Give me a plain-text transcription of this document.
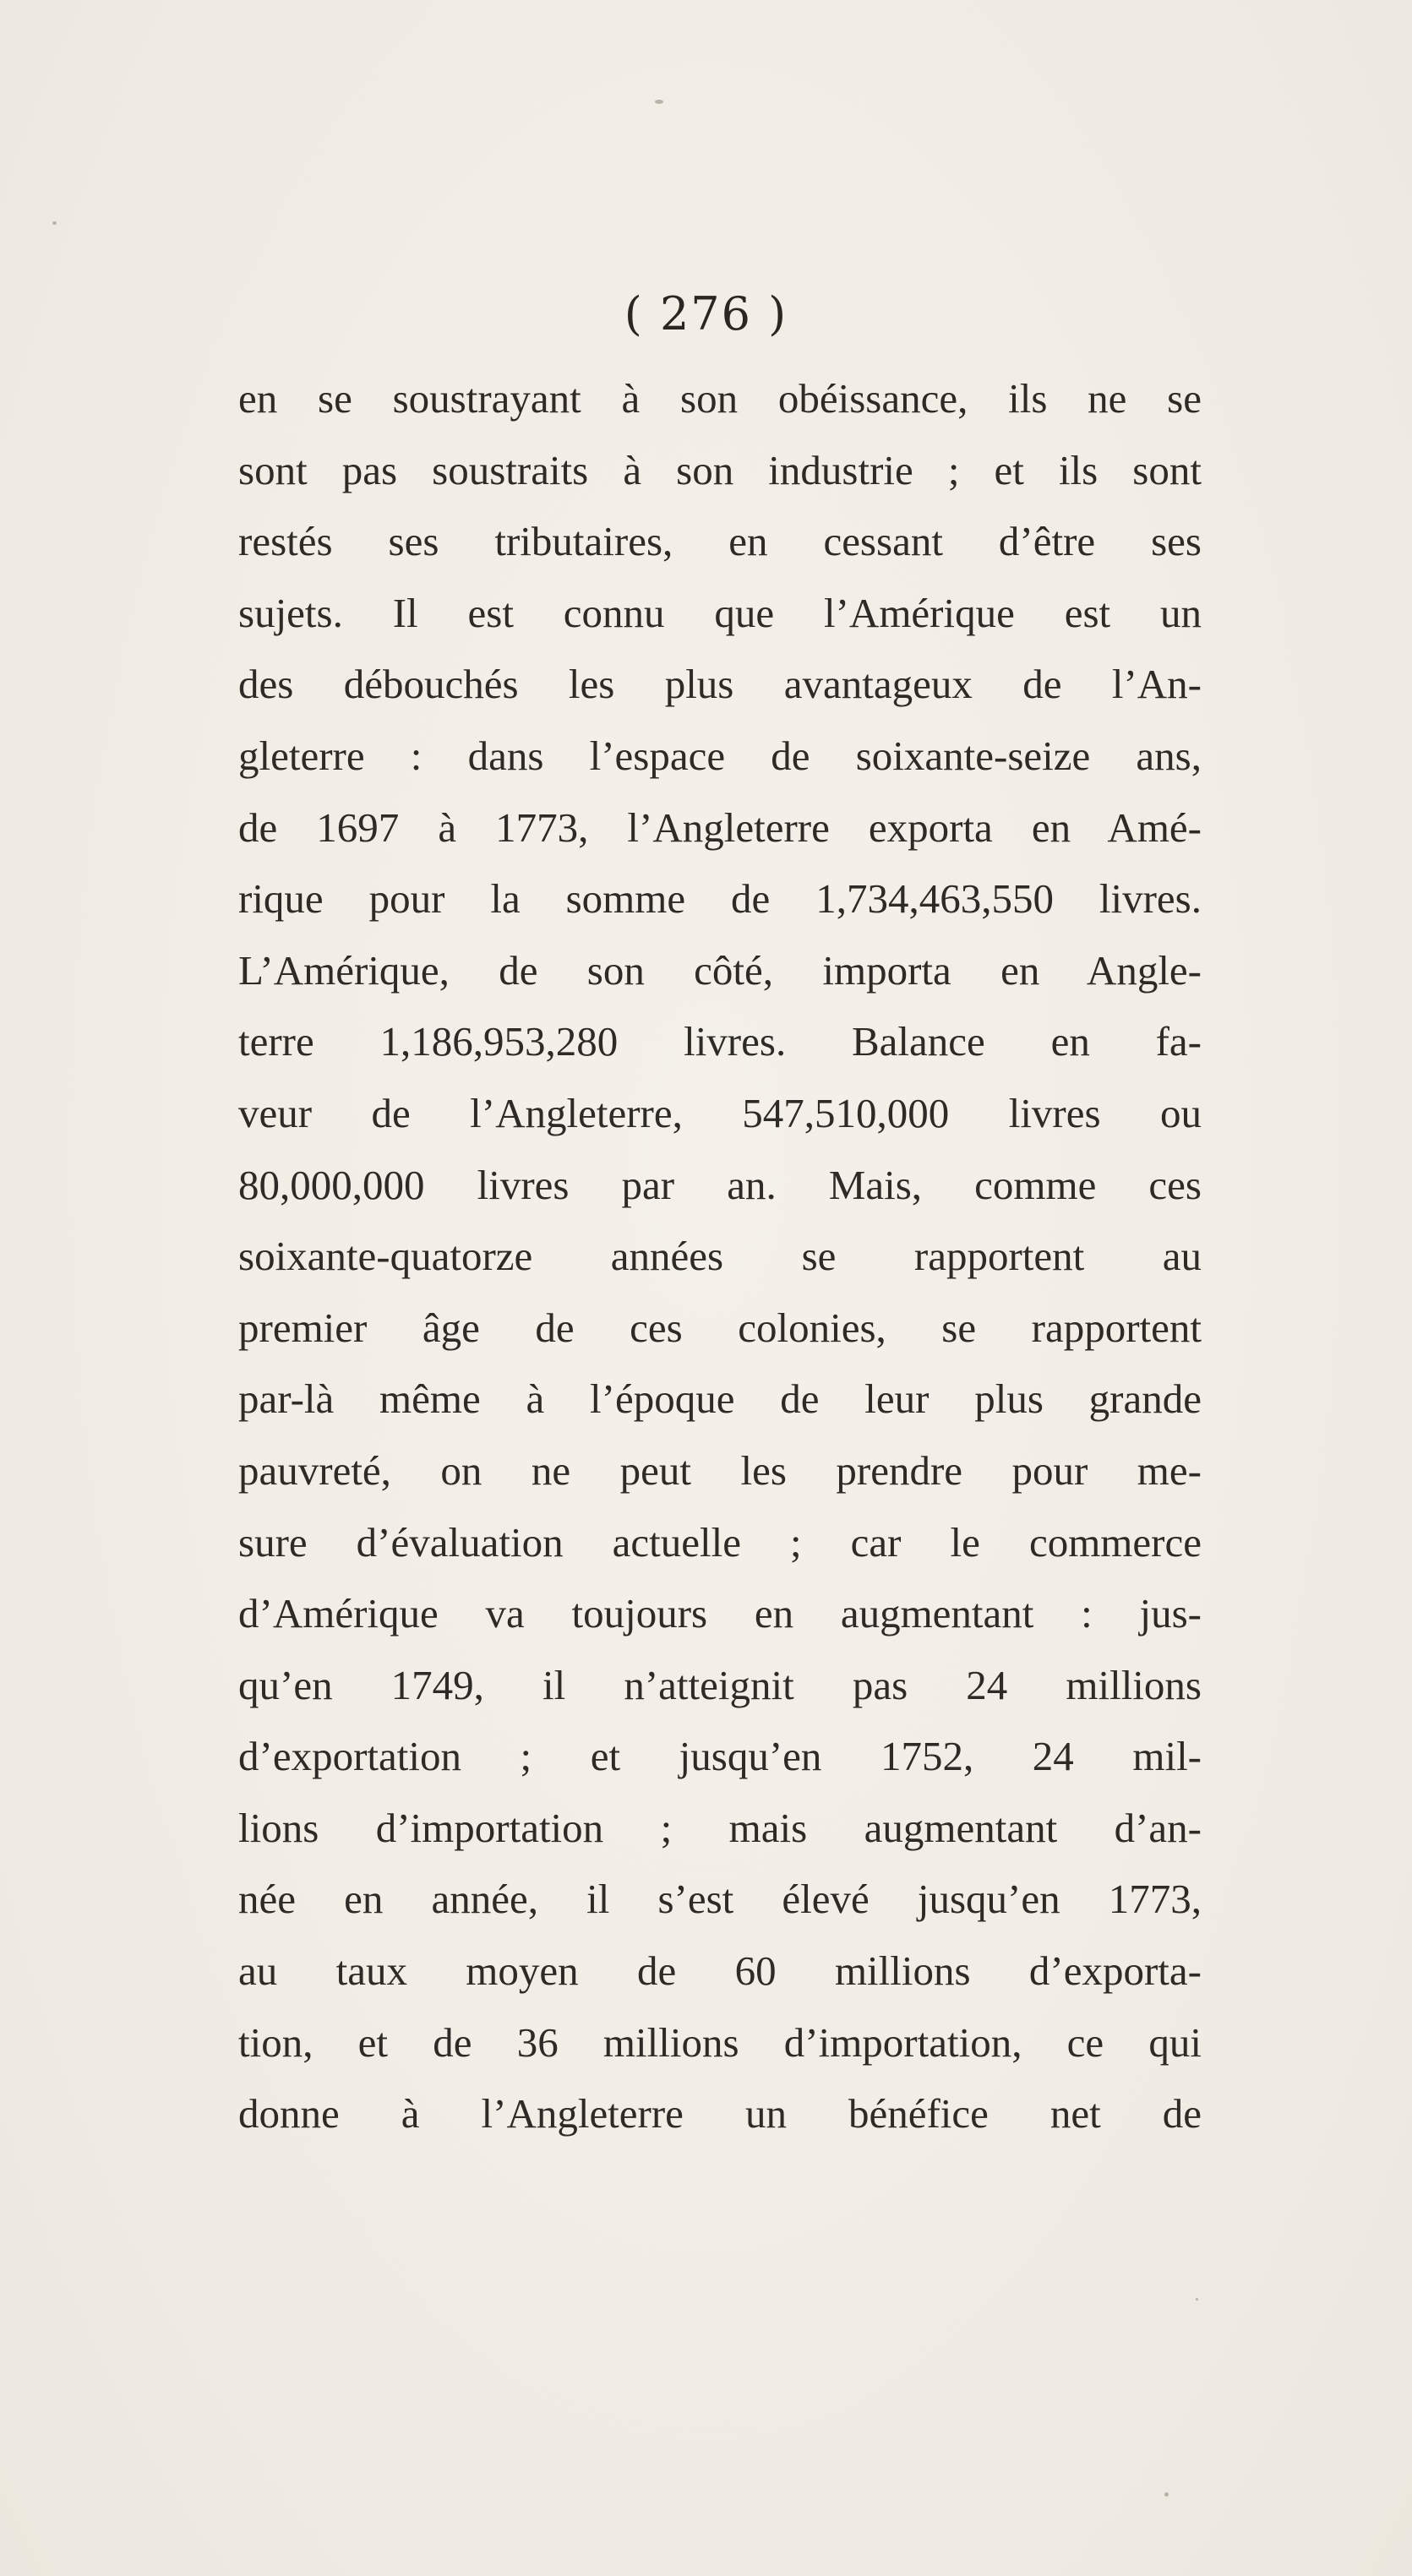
( 276 )
en se soustrayant à son obéissance, ils ne se
sont pas soustraits à son industrie ; et ils sont
restés ses tributaires, en cessant d’être ses
sujets. Il est connu que l’Amérique est un
des débouchés les plus avantageux de l’An-
gleterre : dans l’espace de soixante-seize ans,
de 1697 à 1773, l’Angleterre exporta en Amé-
rique pour la somme de 1,734,463,550 livres.
L’Amérique, de son côté, importa en Angle-
terre 1,186,953,280 livres. Balance en fa-
veur de l’Angleterre, 547,510,000 livres ou
80,000,000 livres par an. Mais, comme ces
soixante-quatorze années se rapportent au
premier âge de ces colonies, se rapportent
par-là même à l’époque de leur plus grande
pauvreté, on ne peut les prendre pour me-
sure d’évaluation actuelle ; car le commerce
d’Amérique va toujours en augmentant : jus-
qu’en 1749, il n’atteignit pas 24 millions
d’exportation ; et jusqu’en 1752, 24 mil-
lions d’importation ; mais augmentant d’an-
née en année, il s’est élevé jusqu’en 1773,
au taux moyen de 60 millions d’exporta-
tion, et de 36 millions d’importation, ce qui
donne à l’Angleterre un bénéfice net de
